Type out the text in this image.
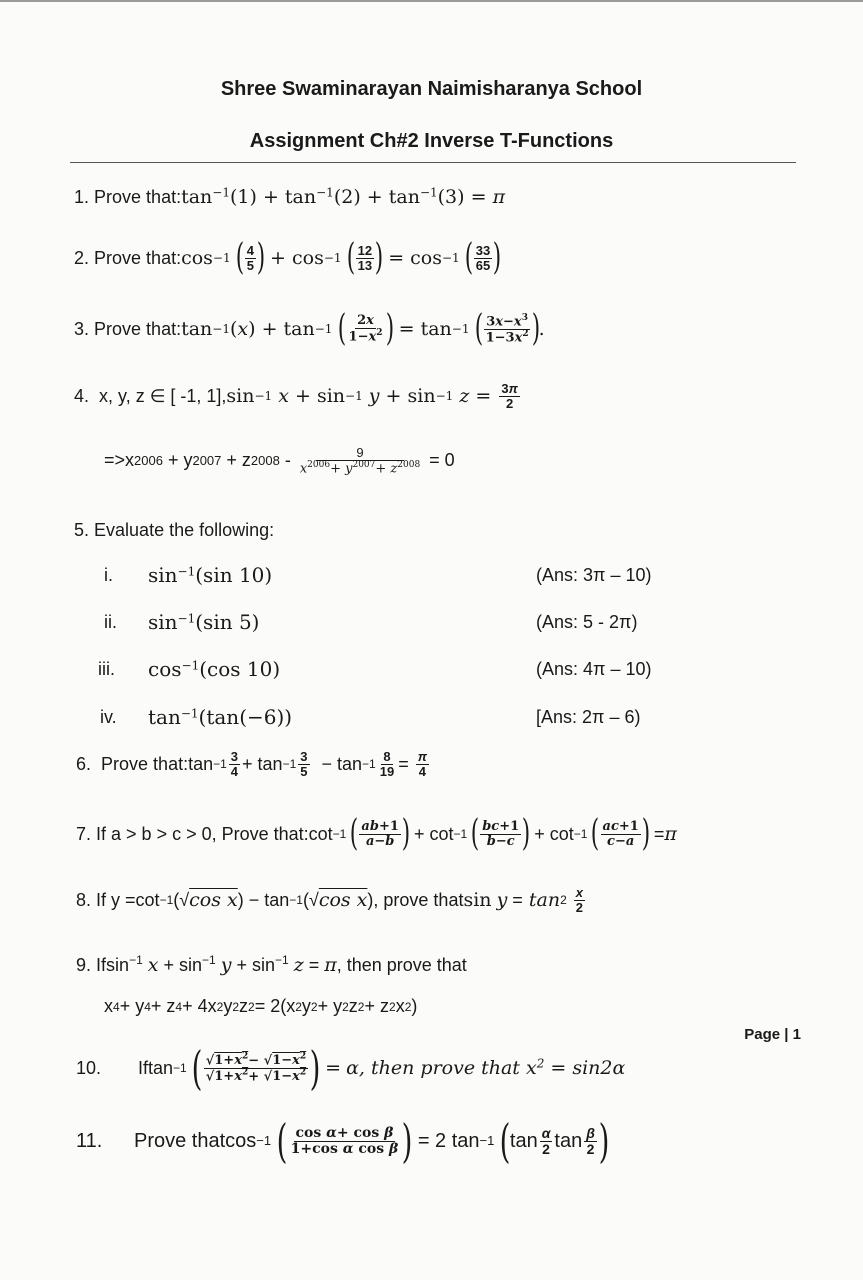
Shree Swaminarayan Naimisharanya School
Assignment Ch#2 Inverse T-Functions
1.
Prove that: $\tan^{-1}(1) + \tan^{-1}(2) + \tan^{-1}(3) = \pi$
2.
Prove that: cos −1
( $\frac{4}{5}$ )
+ cos −1
( $\frac{12}{13}$ )
= cos −1
( $\frac{33}{65}$ )
3.
Prove that: tan −1 ( x ) + tan −1
( $\frac{2x}{1-x^2}$ )
= tan −1
( $\frac{3x-x^3}{1-3x^2}$ )
.
4.
x, y, z ∈ [ -1, 1], sin −1
x + sin −1
y + sin −1
$z = \frac{3\pi}{2}$
=> x 2006 + y 2007 + z $2008 - \frac{9}{x^{2006}+ y^{2007}+ z^{2008}} = 0$
5.
Evaluate the following:
i.	$\sin^{-1}(\sin$ 10)	(Ans: 3π – 10)
ii.	$\sin^{-1}(\sin$ 5)	(Ans: 5 - 2π)
iii.	$\cos^{-1}(\cos$ 10)	(Ans: 4π – 10)
iv.	$\tan^{-1}(\tan(-6))$	[Ans: 2π – 6)
6.
Prove that: $\tan -1 \frac{3}{4} + \tan -1 \frac{3}{5} - \tan -1 \frac{8}{19} = \frac{\pi}{4}$
7.
If a > b > c > 0, Prove that: cot −1
( $\frac{ab+1}{a-b}$ )
+ cot −1
( $\frac{bc+1}{b-c}$ )
+ cot −1
( $\frac{ac+1}{c-a}$ )
= π
8.
If y = cot −1 (√ cos x ) − tan −1 (√ cos x ) , prove that sin
y = tan 2
$\frac{x}{2}$
9.
If $\sin^{-1} x + \sin^{-1} y + \sin^{-1} z = \pi$ , then prove that
x 4 + y 4 + z 4 + 4x 2 y 2 z 2 = 2(x 2 y 2 + y 2 z 2 + z 2 x 2 )
10.	If tan −1
( $\frac{√1+x^2- √1-x^2}{√1+x^2+ √1-x^2}$ )
=
α, then prove that $x^2 = \sin 2\alpha$
11.	Prove that cos −1
( $\frac{\text{cos α+ cos β}}{\text{1+cos α cos β}}$ ) = 2 tan −1
( $\tan \frac{\alpha}{2}$ $\tan \frac{\beta}{2}$ )
Page | 1
